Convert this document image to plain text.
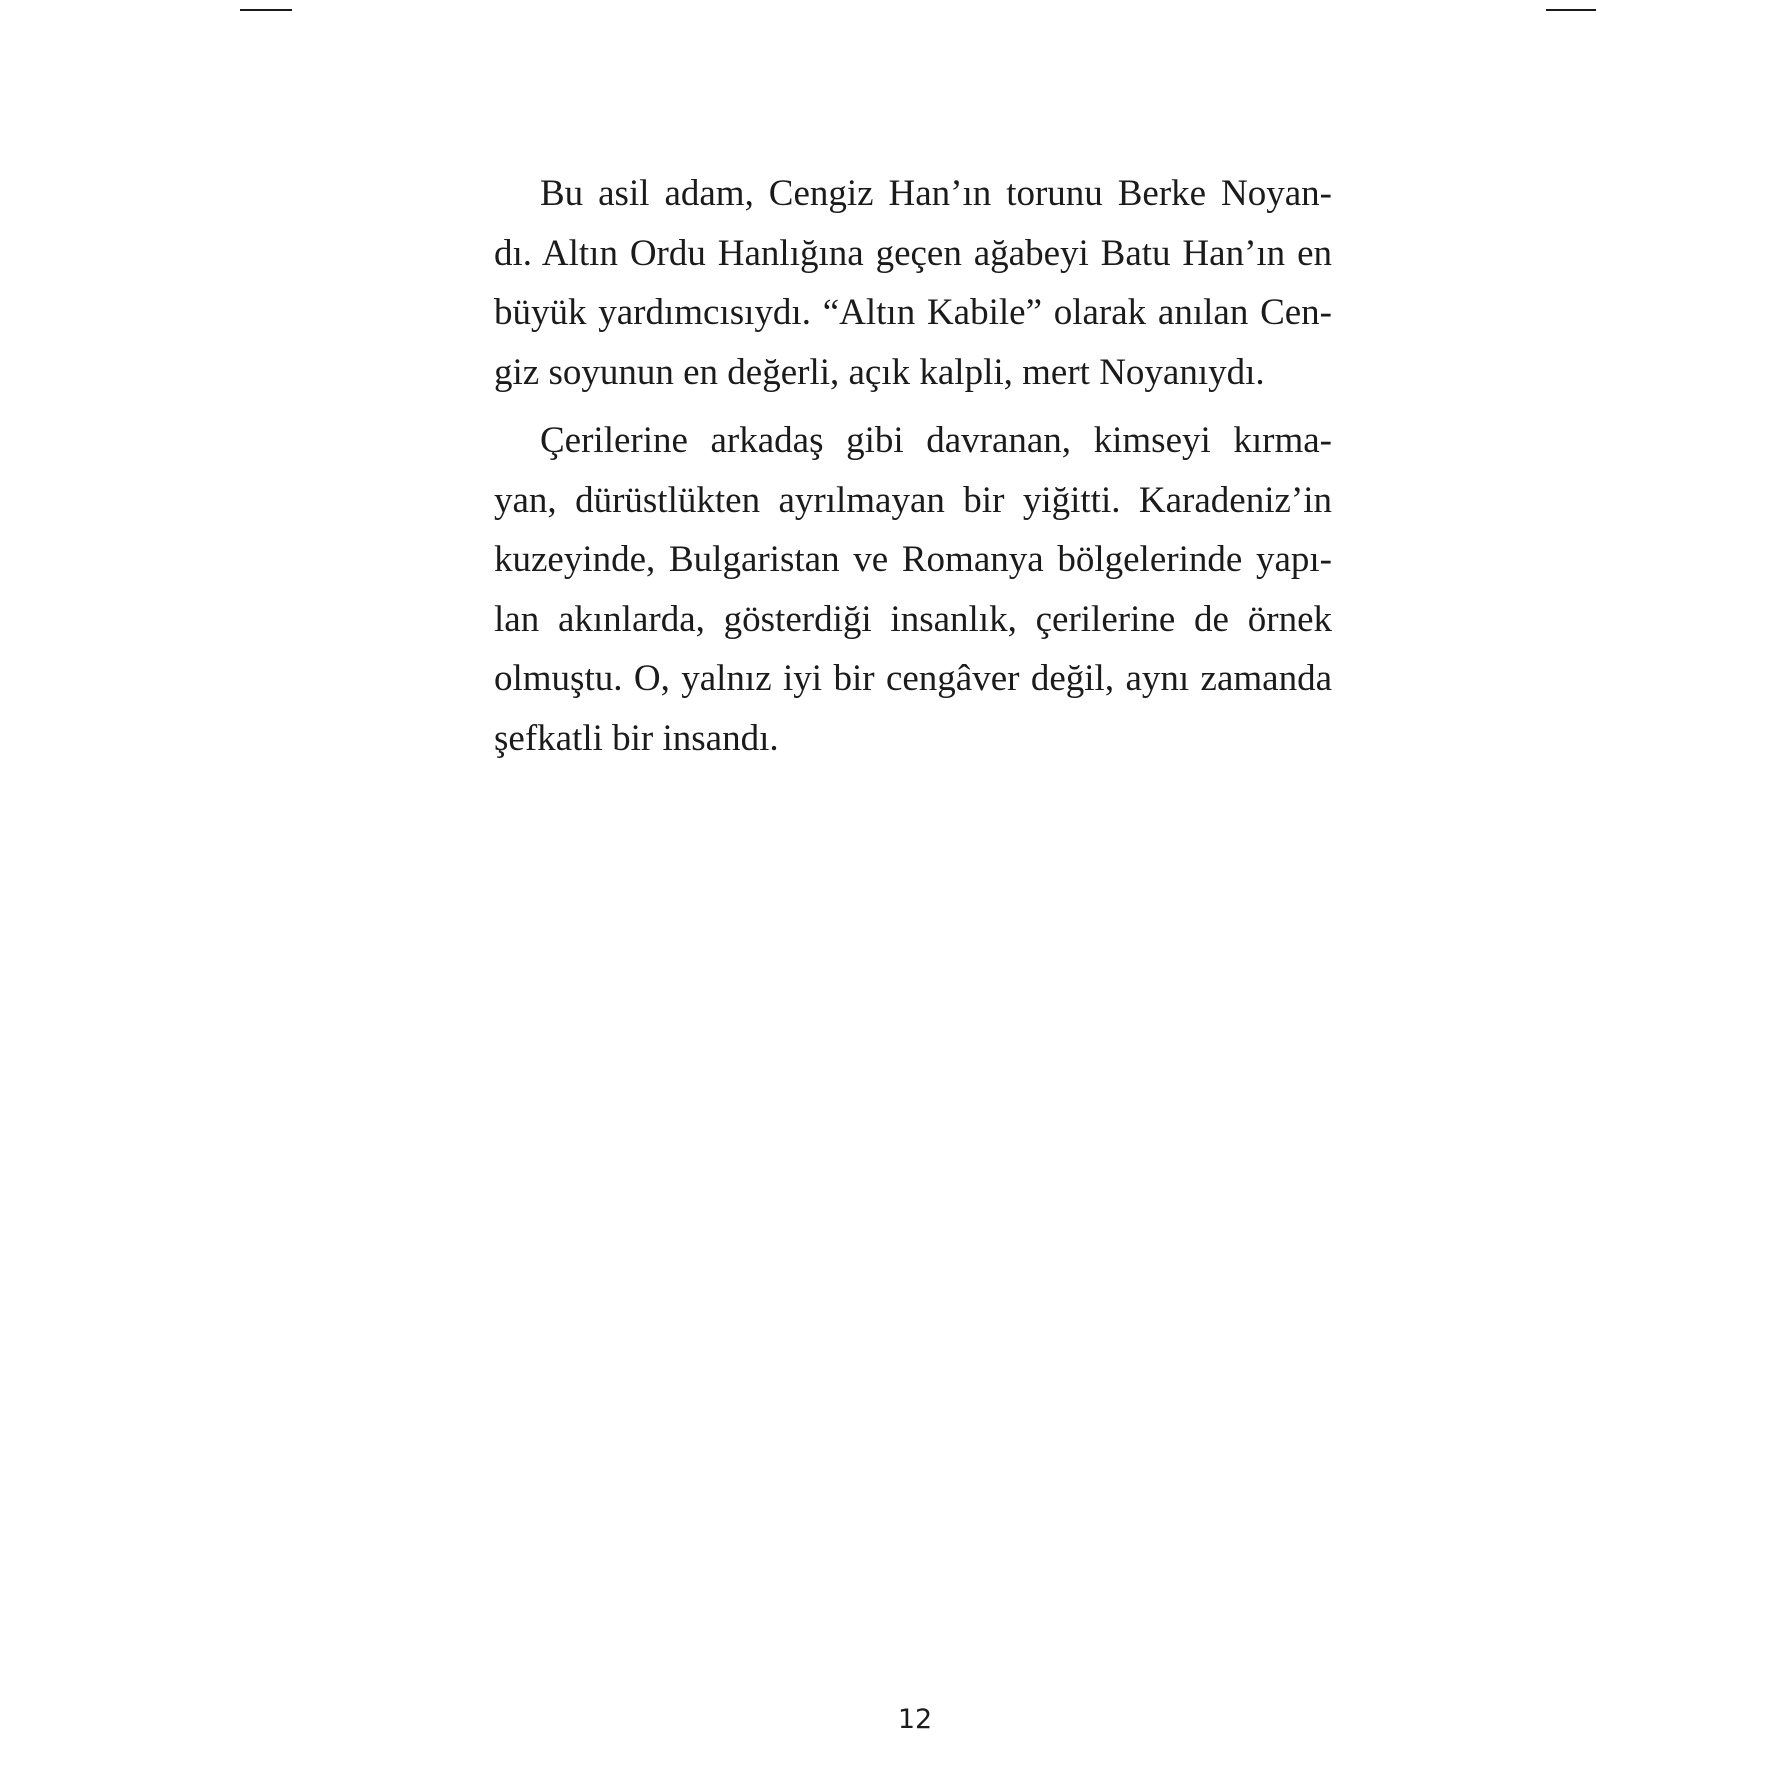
Bu asil adam, Cengiz Han’ın torunu Berke Noyan-
dı. Altın Ordu Hanlığına geçen ağabeyi Batu Han’ın en
büyük yardımcısıydı. “Altın Kabile” olarak anılan Cen-
giz soyunun en değerli, açık kalpli, mert Noyanıydı.
Çerilerine arkadaş gibi davranan, kimseyi kırma-
yan, dürüstlükten ayrılmayan bir yiğitti. Karadeniz’in
kuzeyinde, Bulgaristan ve Romanya bölgelerinde yapı-
lan akınlarda, gösterdiği insanlık, çerilerine de örnek
olmuştu. O, yalnız iyi bir cengâver değil, aynı zamanda
şefkatli bir insandı.
12
